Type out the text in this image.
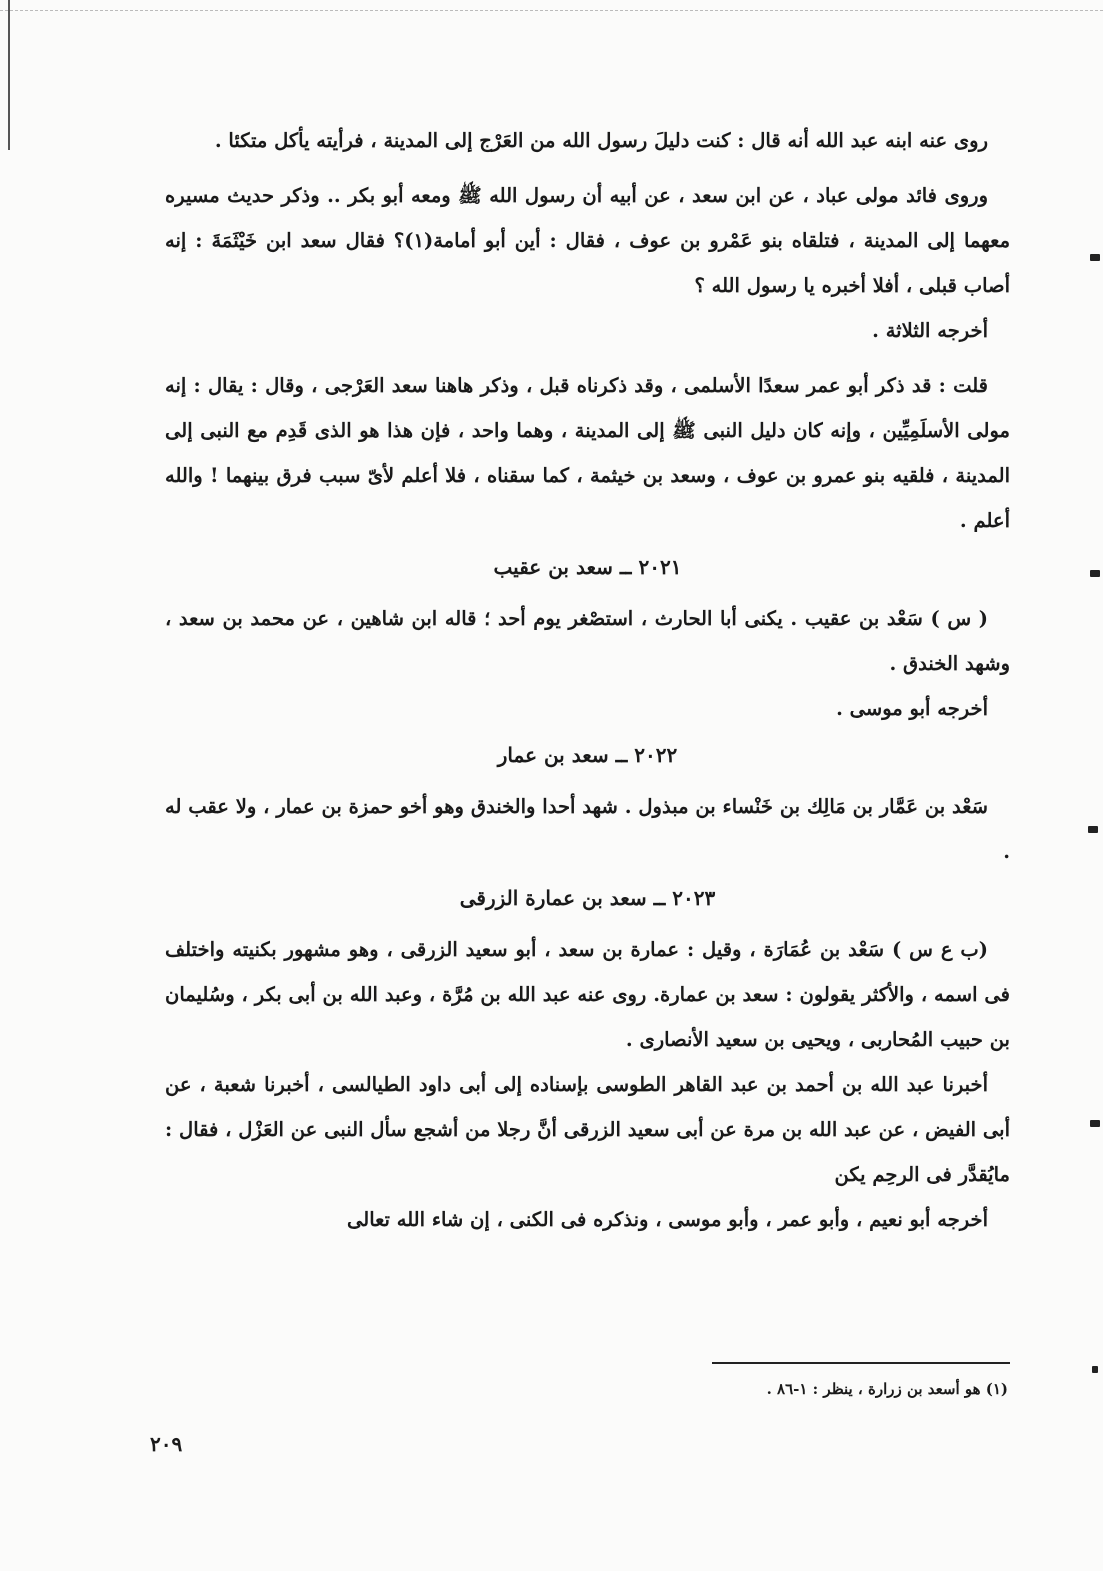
روى عنه ابنه عبد الله أنه قال : كنت دليلَ رسول الله من العَرْج إلى المدينة ، فرأيته يأكل متكئا .

وروى فائد مولى عباد ، عن ابن سعد ، عن أبيه أن رسول الله ﷺ ومعه أبو بكر .. وذكر حديث مسيره معهما إلى المدينة ، فتلقاه بنو عَمْرو بن عوف ، فقال : أين أبو أمامة(١)؟ فقال سعد ابن خَيْثَمَةَ : إنه أصاب قبلى ، أفلا أخبره يا رسول الله ؟

أخرجه الثلاثة .

قلت : قد ذكر أبو عمر سعدًا الأسلمى ، وقد ذكرناه قبل ، وذكر هاهنا سعد العَرْجى ، وقال : يقال : إنه مولى الأسلَمِيِّين ، وإنه كان دليل النبى ﷺ إلى المدينة ، وهما واحد ، فإن هذا هو الذى قَدِم مع النبى إلى المدينة ، فلقيه بنو عمرو بن عوف ، وسعد بن خيثمة ، كما سقناه ، فلا أعلم لأىّ سبب فرق بينهما ! والله أعلم .

٢٠٢١ ــ سعد بن عقيب

( س ) سَعْد بن عقيب . يكنى أبا الحارث ، استصْغر يوم أحد ؛ قاله ابن شاهين ، عن محمد بن سعد ، وشهد الخندق .

أخرجه أبو موسى .

٢٠٢٢ ــ سعد بن عمار

سَعْد بن عَمَّار بن مَالِك بن خَنْساء بن مبذول . شهد أحدا والخندق وهو أخو حمزة بن عمار ، ولا عقب له .

٢٠٢٣ ــ سعد بن عمارة الزرقى

(ب ع س ) سَعْد بن عُمَارَة ، وقيل : عمارة بن سعد ، أبو سعيد الزرقى ، وهو مشهور بكنيته واختلف فى اسمه ، والأكثر يقولون : سعد بن عمارة. روى عنه عبد الله بن مُرَّة ، وعبد الله بن أبى بكر ، وسُليمان بن حبيب المُحاربى ، ويحيى بن سعيد الأنصارى .

أخبرنا عبد الله بن أحمد بن عبد القاهر الطوسى بإسناده إلى أبى داود الطيالسى ، أخبرنا شعبة ، عن أبى الفيض ، عن عبد الله بن مرة عن أبى سعيد الزرقى أنَّ رجلا من أشجع سأل النبى عن العَزْل ، فقال : مايُقدَّر فى الرحِم يكن

أخرجه أبو نعيم ، وأبو عمر ، وأبو موسى ، ونذكره فى الكنى ، إن شاء الله تعالى

(١) هو أسعد بن زرارة ، ينظر : ١-٨٦ .
٢٠٩
